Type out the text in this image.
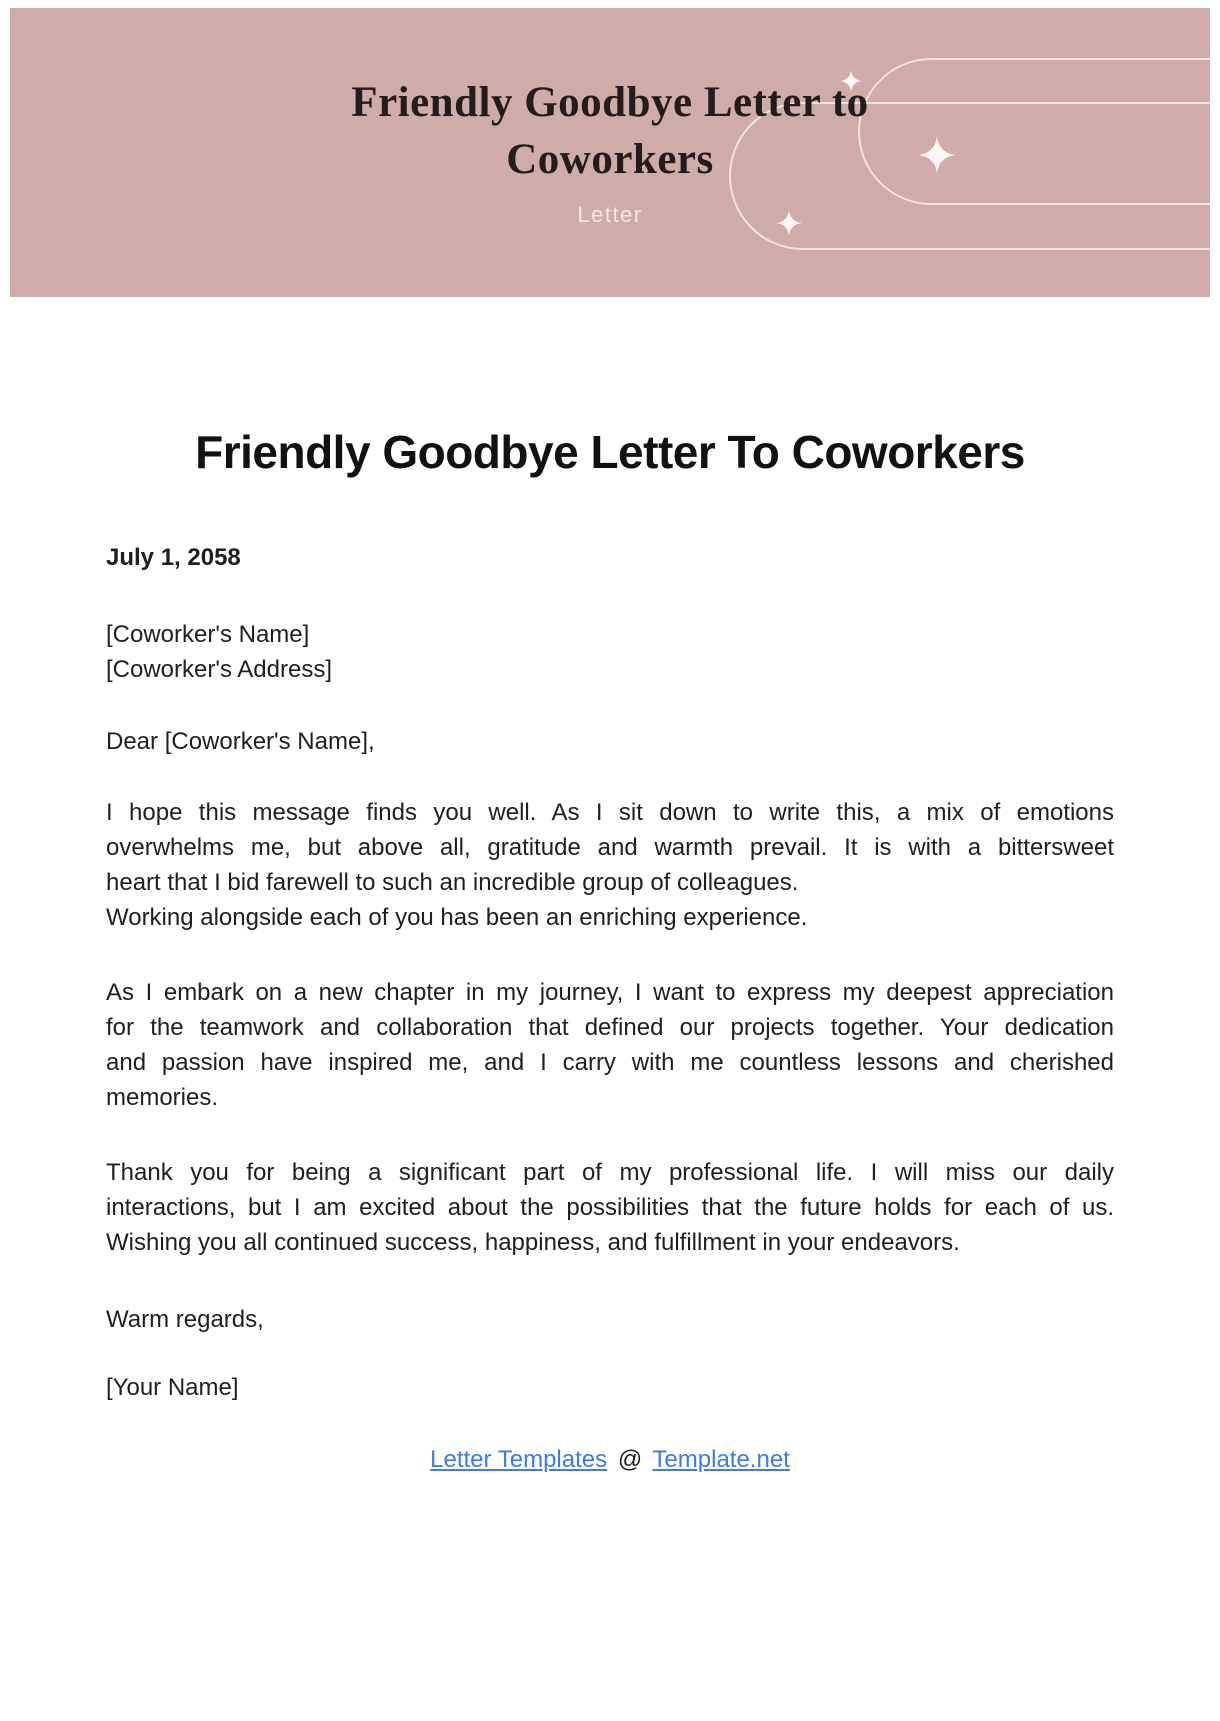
Friendly Goodbye Letter to Coworkers
Letter
Friendly Goodbye Letter To Coworkers
July 1, 2058
[Coworker's Name]
[Coworker's Address]
Dear [Coworker's Name],
I hope this message finds you well. As I sit down to write this, a mix of emotions
overwhelms me, but above all, gratitude and warmth prevail. It is with a bittersweet
heart that I bid farewell to such an incredible group of colleagues.
Working alongside each of you has been an enriching experience.
As I embark on a new chapter in my journey, I want to express my deepest appreciation
for the teamwork and collaboration that defined our projects together. Your dedication
and passion have inspired me, and I carry with me countless lessons and cherished
memories.
Thank you for being a significant part of my professional life. I will miss our daily
interactions, but I am excited about the possibilities that the future holds for each of us.
Wishing you all continued success, happiness, and fulfillment in your endeavors.
Warm regards,
[Your Name]
Letter Templates @ Template.net
